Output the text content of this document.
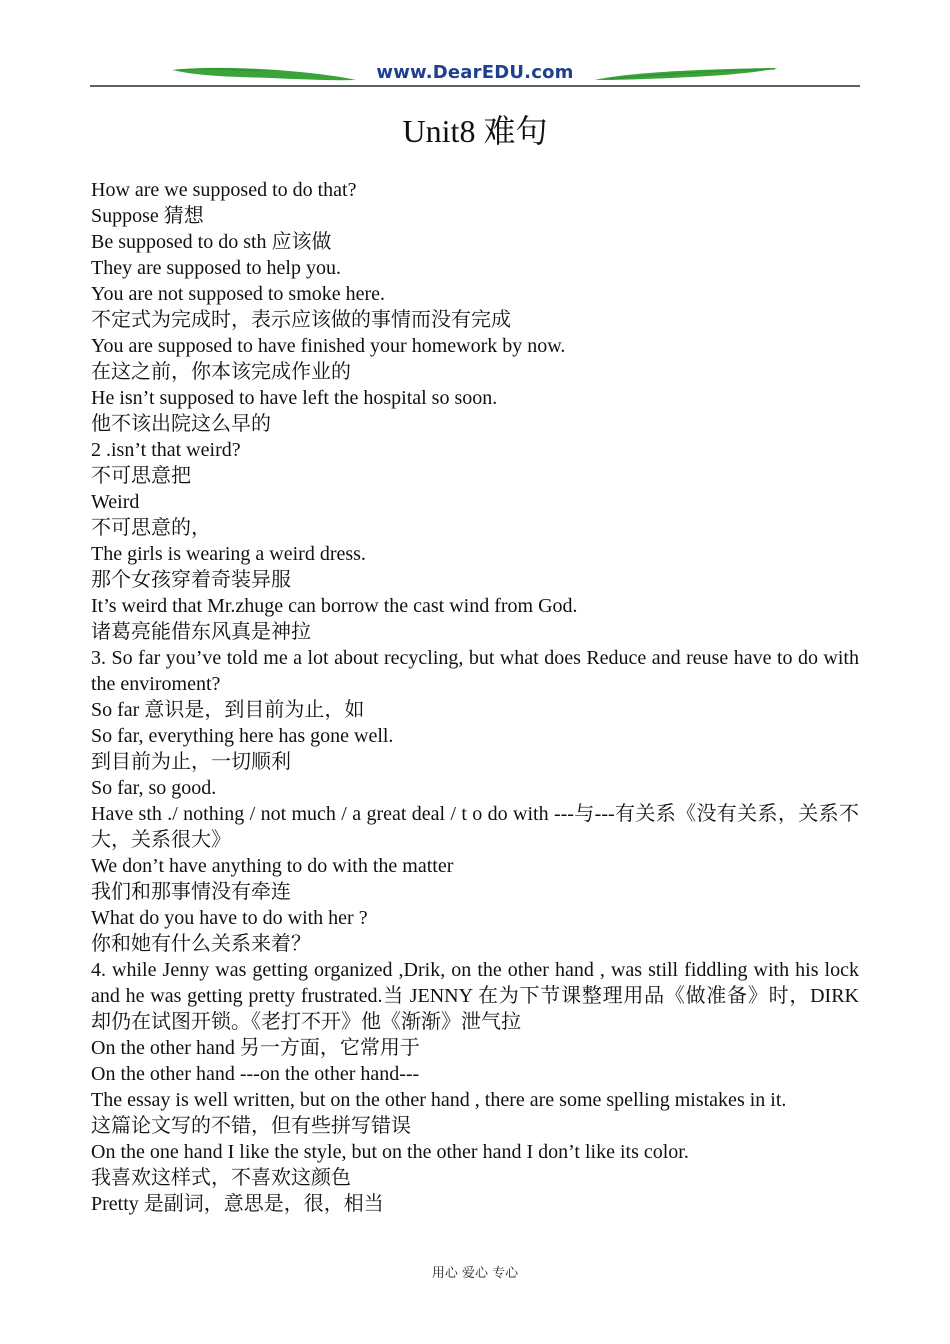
www.DearEDU.com
Unit8 难句

How are we supposed to do that?

Suppose 猜想

Be supposed to do sth 应该做

They are supposed to help you.

You are not supposed to smoke here.

不定式为完成时，表示应该做的事情而没有完成

You are supposed to have finished your homework by now.

在这之前，你本该完成作业的

He isn’t supposed to have left the hospital so soon.

他不该出院这么早的

2 .isn’t that weird?

不可思意把

Weird

不可思意的，

The girls is wearing a weird dress.

那个女孩穿着奇装异服

It’s weird that Mr.zhuge can borrow the cast wind from God.

诸葛亮能借东风真是神拉

3. So far you’ve told me a lot about recycling, but what does Reduce and reuse have to do with the enviroment?

So far 意识是，到目前为止，如

So far, everything here has gone well.

到目前为止，一切顺利

So far, so good.

Have sth ./ nothing / not much / a great deal / t o do with ---与---有关系《没有关系，关系不大，关系很大》

We don’t have anything to do with the matter

我们和那事情没有牵连

What do you have to do with her ?

你和她有什么关系来着？

4. while Jenny was getting organized ,Drik, on the other hand , was still fiddling with his lock and he was getting pretty frustrated.当 JENNY 在为下节课整理用品《做准备》时，DIRK 却仍在试图开锁。《老打不开》他《渐渐》泄气拉

On the other hand 另一方面，它常用于

On the other hand ---on the other hand---

The essay is well written, but on the other hand , there are some spelling mistakes in it.

这篇论文写的不错，但有些拼写错误

On the one hand I like the style, but on the other hand I don’t like its color.

我喜欢这样式，不喜欢这颜色

Pretty 是副词，意思是，很，相当

用心 爱心 专心
